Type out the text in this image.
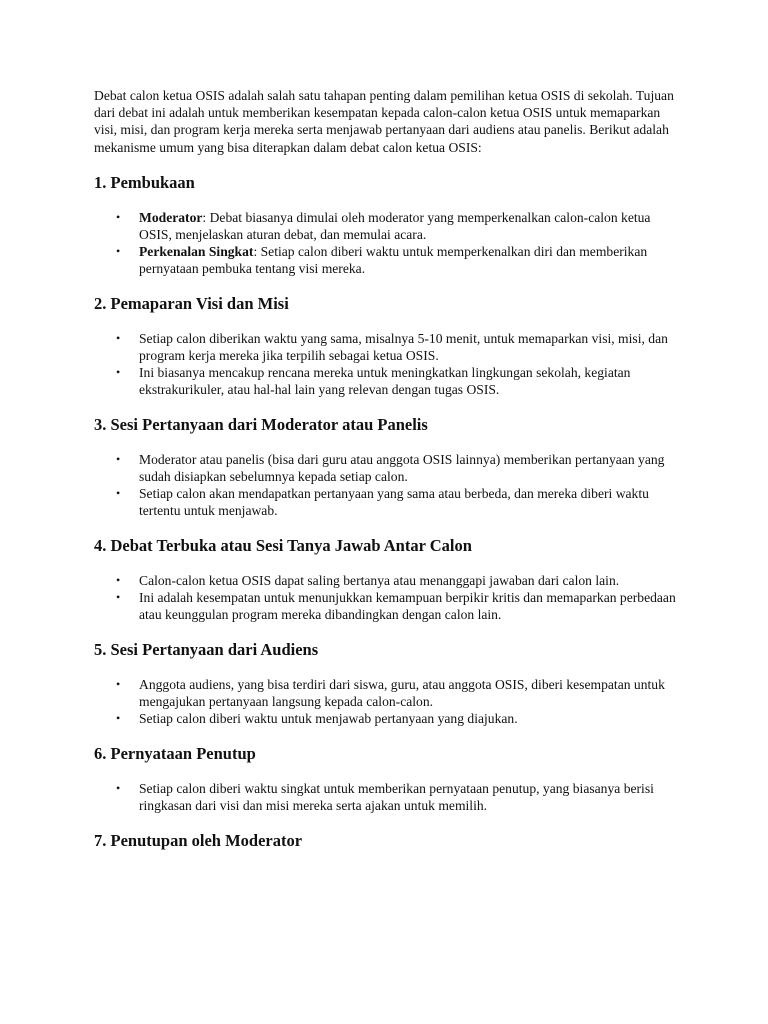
Debat calon ketua OSIS adalah salah satu tahapan penting dalam pemilihan ketua OSIS di sekolah. Tujuan dari debat ini adalah untuk memberikan kesempatan kepada calon-calon ketua OSIS untuk memaparkan visi, misi, dan program kerja mereka serta menjawab pertanyaan dari audiens atau panelis. Berikut adalah mekanisme umum yang bisa diterapkan dalam debat calon ketua OSIS:

1. Pembukaan
•	Moderator: Debat biasanya dimulai oleh moderator yang memperkenalkan calon-calon ketua OSIS, menjelaskan aturan debat, dan memulai acara.
•	Perkenalan Singkat: Setiap calon diberi waktu untuk memperkenalkan diri dan memberikan pernyataan pembuka tentang visi mereka.
2. Pemaparan Visi dan Misi
•	Setiap calon diberikan waktu yang sama, misalnya 5-10 menit, untuk memaparkan visi, misi, dan program kerja mereka jika terpilih sebagai ketua OSIS.
•	Ini biasanya mencakup rencana mereka untuk meningkatkan lingkungan sekolah, kegiatan ekstrakurikuler, atau hal-hal lain yang relevan dengan tugas OSIS.
3. Sesi Pertanyaan dari Moderator atau Panelis
•	Moderator atau panelis (bisa dari guru atau anggota OSIS lainnya) memberikan pertanyaan yang sudah disiapkan sebelumnya kepada setiap calon.
•	Setiap calon akan mendapatkan pertanyaan yang sama atau berbeda, dan mereka diberi waktu tertentu untuk menjawab.
4. Debat Terbuka atau Sesi Tanya Jawab Antar Calon
•	Calon-calon ketua OSIS dapat saling bertanya atau menanggapi jawaban dari calon lain.
•	Ini adalah kesempatan untuk menunjukkan kemampuan berpikir kritis dan memaparkan perbedaan atau keunggulan program mereka dibandingkan dengan calon lain.
5. Sesi Pertanyaan dari Audiens
•	Anggota audiens, yang bisa terdiri dari siswa, guru, atau anggota OSIS, diberi kesempatan untuk mengajukan pertanyaan langsung kepada calon-calon.
•	Setiap calon diberi waktu untuk menjawab pertanyaan yang diajukan.
6. Pernyataan Penutup
•	Setiap calon diberi waktu singkat untuk memberikan pernyataan penutup, yang biasanya berisi ringkasan dari visi dan misi mereka serta ajakan untuk memilih.
7. Penutupan oleh Moderator
